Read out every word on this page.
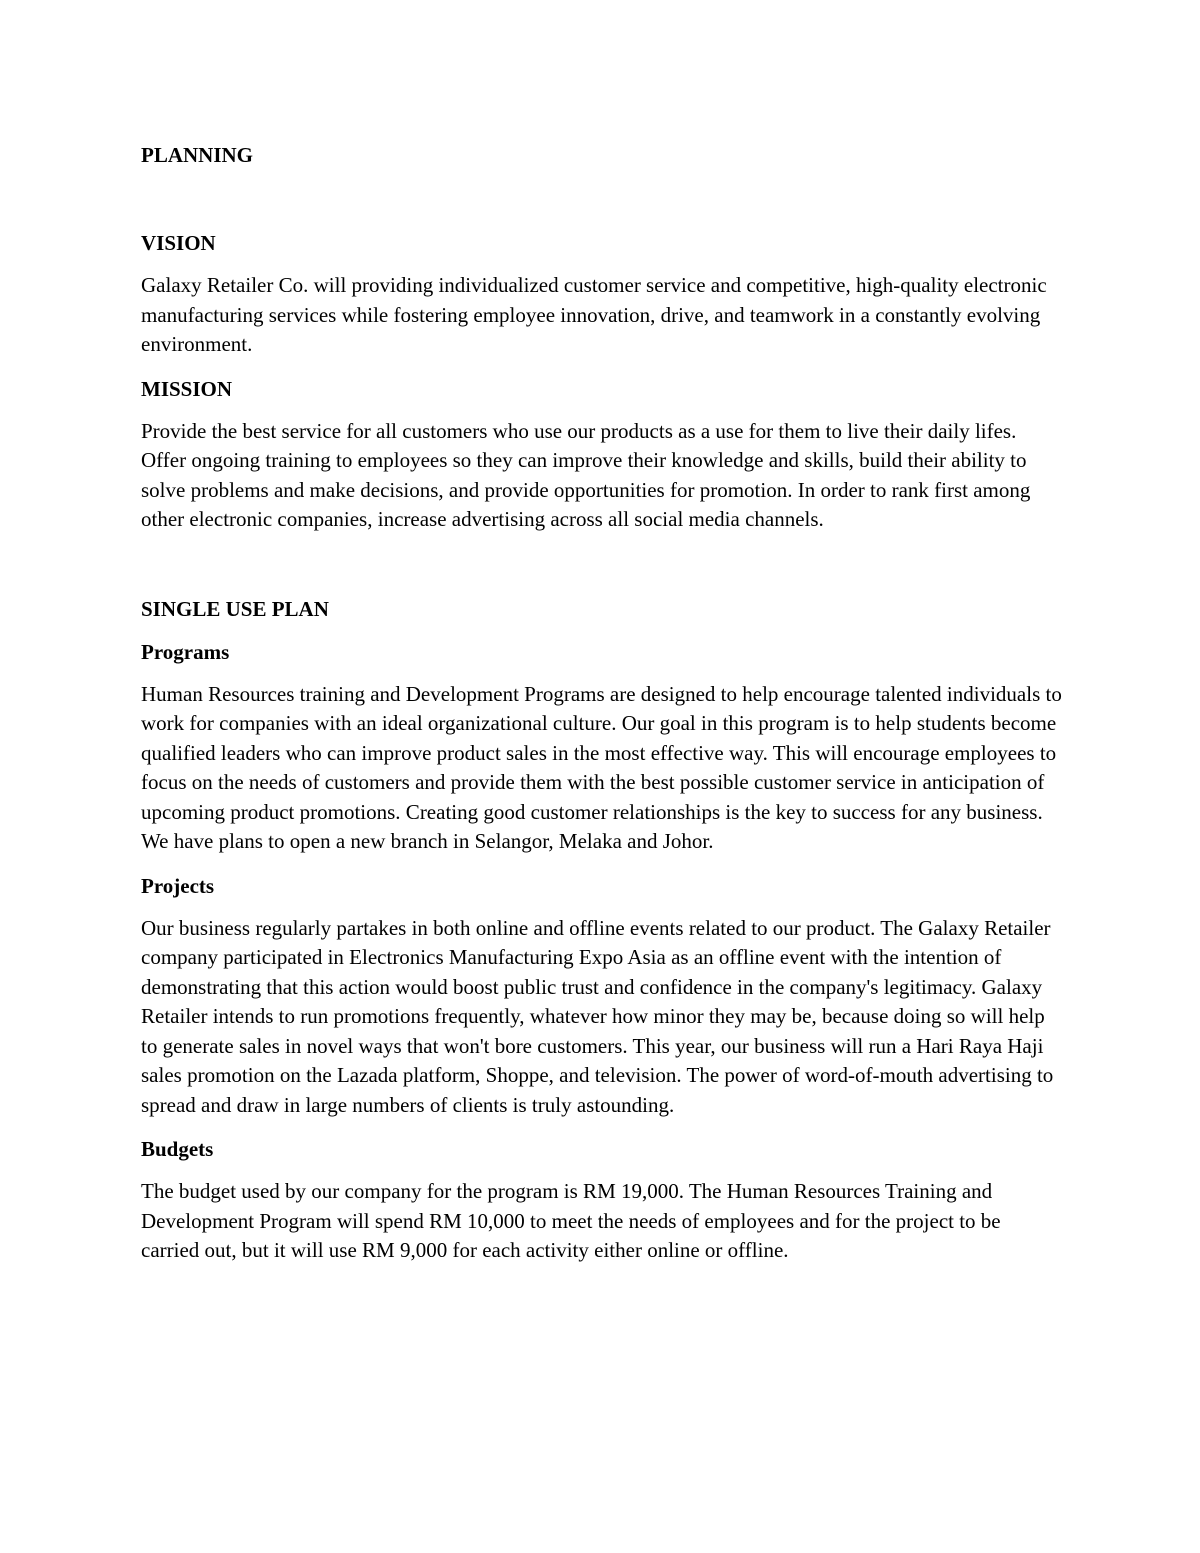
PLANNING
VISION

Galaxy Retailer Co. will providing individualized customer service and competitive, high-quality electronic manufacturing services while fostering employee innovation, drive, and teamwork in a constantly evolving environment.

MISSION

Provide the best service for all customers who use our products as a use for them to live their daily lifes. Offer ongoing training to employees so they can improve their knowledge and skills, build their ability to solve problems and make decisions, and provide opportunities for promotion. In order to rank first among other electronic companies, increase advertising across all social media channels.

SINGLE USE PLAN
Programs

Human Resources training and Development Programs are designed to help encourage talented individuals to work for companies with an ideal organizational culture. Our goal in this program is to help students become qualified leaders who can improve product sales in the most effective way. This will encourage employees to focus on the needs of customers and provide them with the best possible customer service in anticipation of upcoming product promotions. Creating good customer relationships is the key to success for any business. We have plans to open a new branch in Selangor, Melaka and Johor.

Projects

Our business regularly partakes in both online and offline events related to our product. The Galaxy Retailer company participated in Electronics Manufacturing Expo Asia as an offline event with the intention of demonstrating that this action would boost public trust and confidence in the company's legitimacy. Galaxy Retailer intends to run promotions frequently, whatever how minor they may be, because doing so will help to generate sales in novel ways that won't bore customers. This year, our business will run a Hari Raya Haji sales promotion on the Lazada platform, Shoppe, and television. The power of word-of-mouth advertising to spread and draw in large numbers of clients is truly astounding.

Budgets

The budget used by our company for the program is RM 19,000. The Human Resources Training and Development Program will spend RM 10,000 to meet the needs of employees and for the project to be carried out, but it will use RM 9,000 for each activity either online or offline.
